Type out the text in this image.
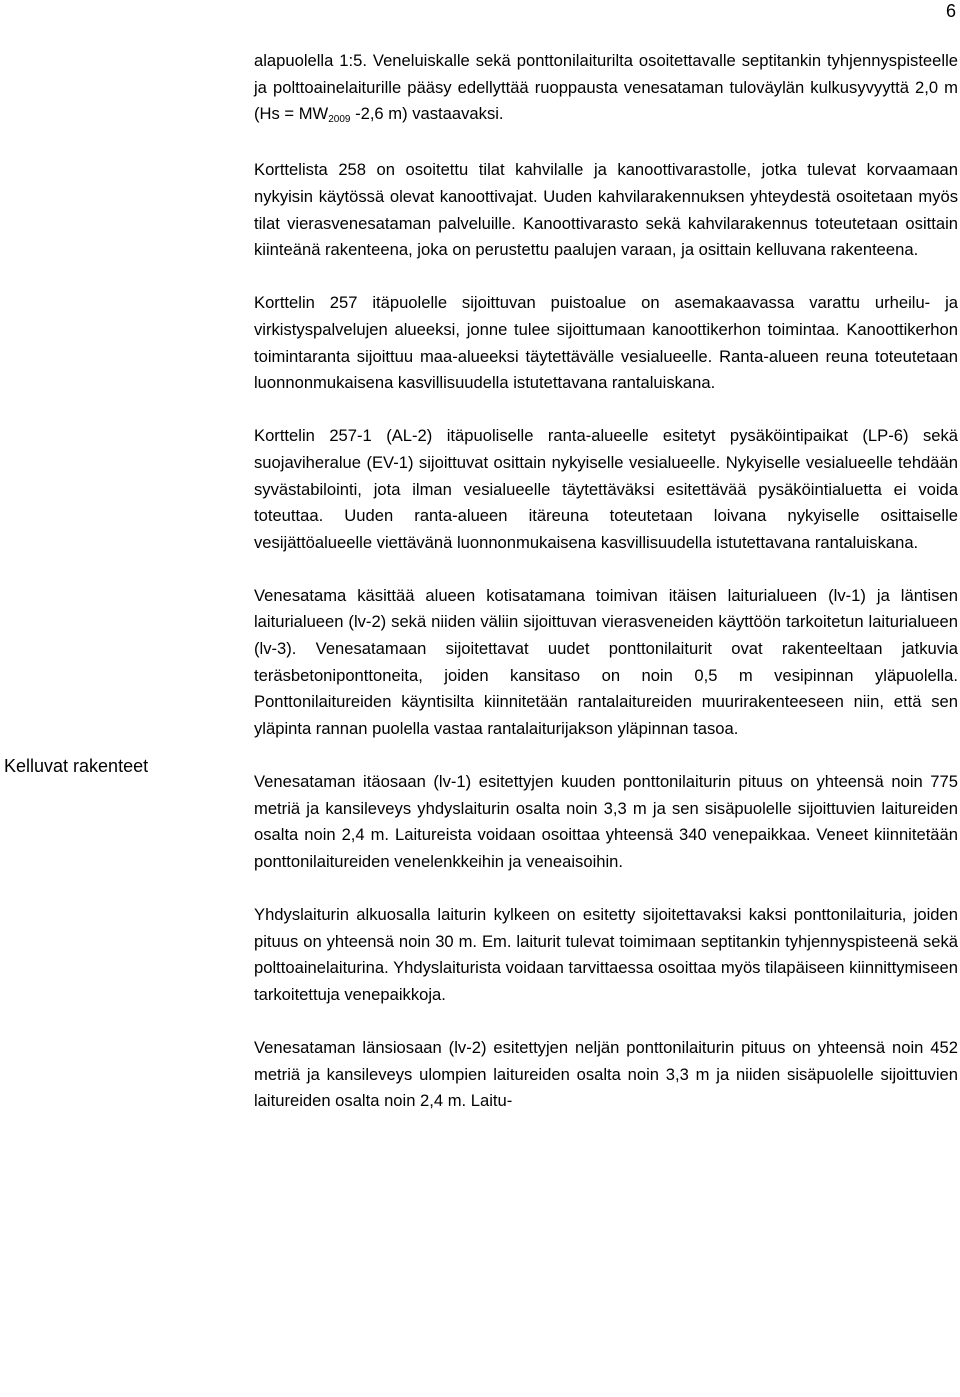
6
Kelluvat rakenteet

alapuolella 1:5. Veneluiskalle sekä ponttonilaiturilta osoitettavalle septitankin tyhjennyspisteelle ja polttoainelaiturille pääsy edellyttää ruoppausta venesataman tuloväylän kulkusyvyyttä 2,0 m ($Hs = MW_{2009}$ -2,6 m) vastaavaksi.

Korttelista 258 on osoitettu tilat kahvilalle ja kanoottivarastolle, jotka tulevat korvaamaan nykyisin käytössä olevat kanoottivajat. Uuden kahvilarakennuksen yhteydestä osoitetaan myös tilat vierasvenesataman palveluille. Kanoottivarasto sekä kahvilarakennus toteutetaan osittain kiinteänä rakenteena, joka on perustettu paalujen varaan, ja osittain kelluvana rakenteena.

Korttelin 257 itäpuolelle sijoittuvan puistoalue on asemakaavassa varattu urheilu- ja virkistyspalvelujen alueeksi, jonne tulee sijoittumaan kanoottikerhon toimintaa. Kanoottikerhon toimintaranta sijoittuu maa-alueeksi täytettävälle vesialueelle. Ranta-alueen reuna toteutetaan luonnonmukaisena kasvillisuudella istutettavana rantaluiskana.

Korttelin 257-1 (AL-2) itäpuoliselle ranta-alueelle esitetyt pysäköintipaikat (LP-6) sekä suojaviheralue (EV-1) sijoittuvat osittain nykyiselle vesialueelle. Nykyiselle vesialueelle tehdään syvästabilointi, jota ilman vesialueelle täytettäväksi esitettävää pysäköintialuetta ei voida toteuttaa. Uuden ranta-alueen itäreuna toteutetaan loivana nykyiselle osittaiselle vesijättöalueelle viettävänä luonnonmukaisena kasvillisuudella istutettavana rantaluiskana.

Venesatama käsittää alueen kotisatamana toimivan itäisen laiturialueen (lv-1) ja läntisen laiturialueen (lv-2) sekä niiden väliin sijoittuvan vierasveneiden käyttöön tarkoitetun laiturialueen (lv-3). Venesatamaan sijoitettavat uudet ponttonilaiturit ovat rakenteeltaan jatkuvia teräsbetoniponttoneita, joiden kansitaso on noin 0,5 m vesipinnan yläpuolella. Ponttonilaitureiden käyntisilta kiinnitetään rantalaitureiden muurirakenteeseen niin, että sen yläpinta rannan puolella vastaa rantalaiturijakson yläpinnan tasoa.

Venesataman itäosaan (lv-1) esitettyjen kuuden ponttonilaiturin pituus on yhteensä noin 775 metriä ja kansileveys yhdyslaiturin osalta noin 3,3 m ja sen sisäpuolelle sijoittuvien laitureiden osalta noin 2,4 m. Laitureista voidaan osoittaa yhteensä 340 venepaikkaa. Veneet kiinnitetään ponttonilaitureiden venelenkkeihin ja veneaisoihin.

Yhdyslaiturin alkuosalla laiturin kylkeen on esitetty sijoitettavaksi kaksi ponttonilaituria, joiden pituus on yhteensä noin 30 m. Em. laiturit tulevat toimimaan septitankin tyhjennyspisteenä sekä polttoainelaiturina. Yhdyslaiturista voidaan tarvittaessa osoittaa myös tilapäiseen kiinnittymiseen tarkoitettuja venepaikkoja.

Venesataman länsiosaan (lv-2) esitettyjen neljän ponttonilaiturin pituus on yhteensä noin 452 metriä ja kansileveys ulompien laitureiden osalta noin 3,3 m ja niiden sisäpuolelle sijoittuvien laitureiden osalta noin 2,4 m. Laitu-
